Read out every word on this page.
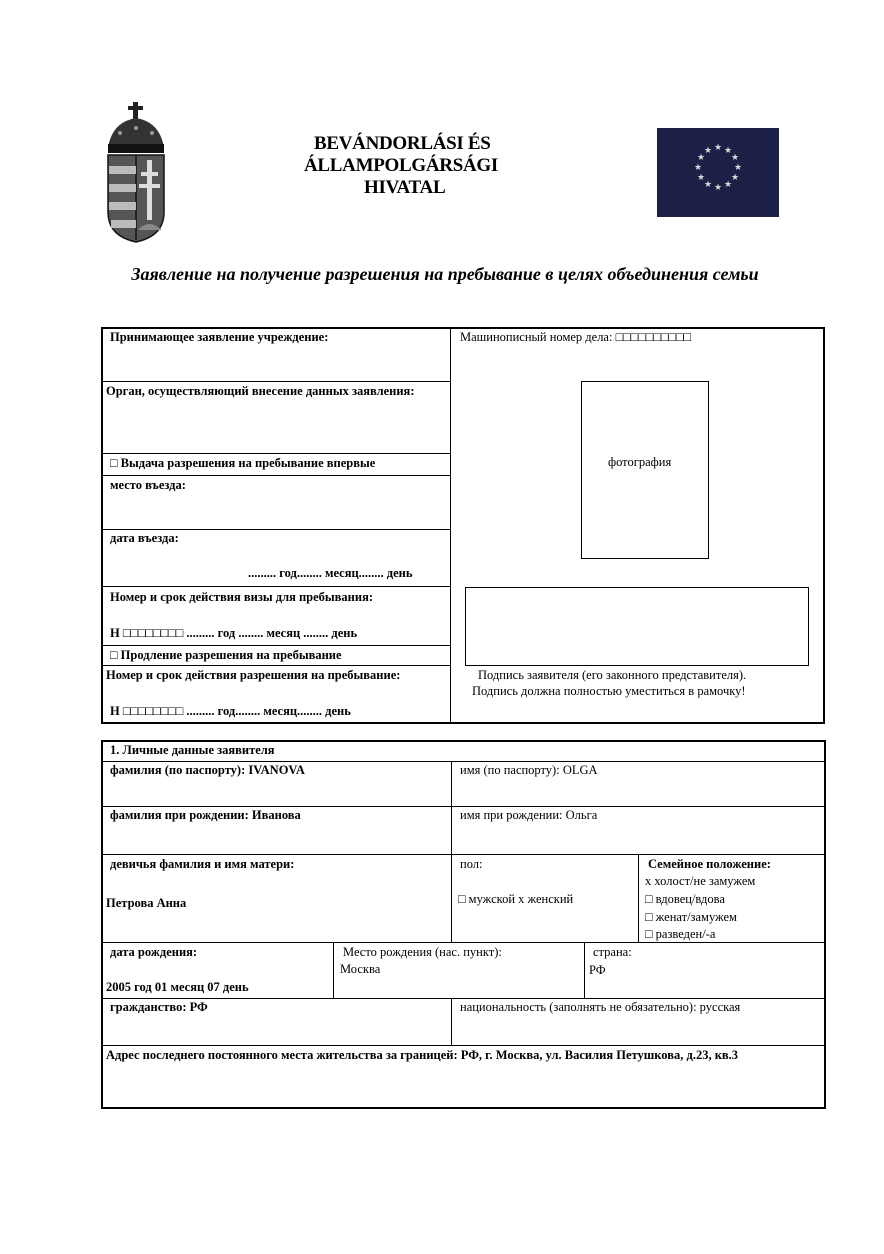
BEVÁNDORLÁSI ÉS
ÁLLAMPOLGÁRSÁGI
HIVATAL
★ ★
★
★
★
★
★
★
★
★
★
★
Заявление на получение разрешения на пребывание в целях объединения семьи
Принимающее заявление учреждение:
Орган, осуществляющий внесение данных заявления:
□ Выдача разрешения на пребывание впервые
место въезда:
дата въезда:
......... год........ месяц........ день
Номер и срок действия визы для пребывания:
Н □□□□□□□□ ......... год ........ месяц ........ день
□ Продление разрешения на пребывание
Номер и срок действия разрешения на пребывание:
Н □□□□□□□□ ......... год........ месяц........ день
Машинописный номер дела: □□□□□□□□□□
фотография
Подпись заявителя (его законного представителя).
Подпись должна полностью уместиться в рамочку!
1. Личные данные заявителя
фамилия (по паспорту): IVANOVA	имя (по паспорту): OLGA
фамилия при рождении: Иванова	имя при рождении: Ольга
девичья фамилия и имя матери:
Петрова Анна
пол:
□ мужской x женский
Семейное положение:
x холост/не замужем
□ вдовец/вдова
□ женат/замужем
□ разведен/-а
дата рождения:
2005 год 01 месяц 07 день
Место рождения (нас. пункт):
Москва
страна:
РФ
гражданство: РФ	национальность (заполнять не обязательно): русская
Адрес последнего постоянного места жительства за границей: РФ, г. Москва, ул. Василия Петушкова, д.23, кв.3
